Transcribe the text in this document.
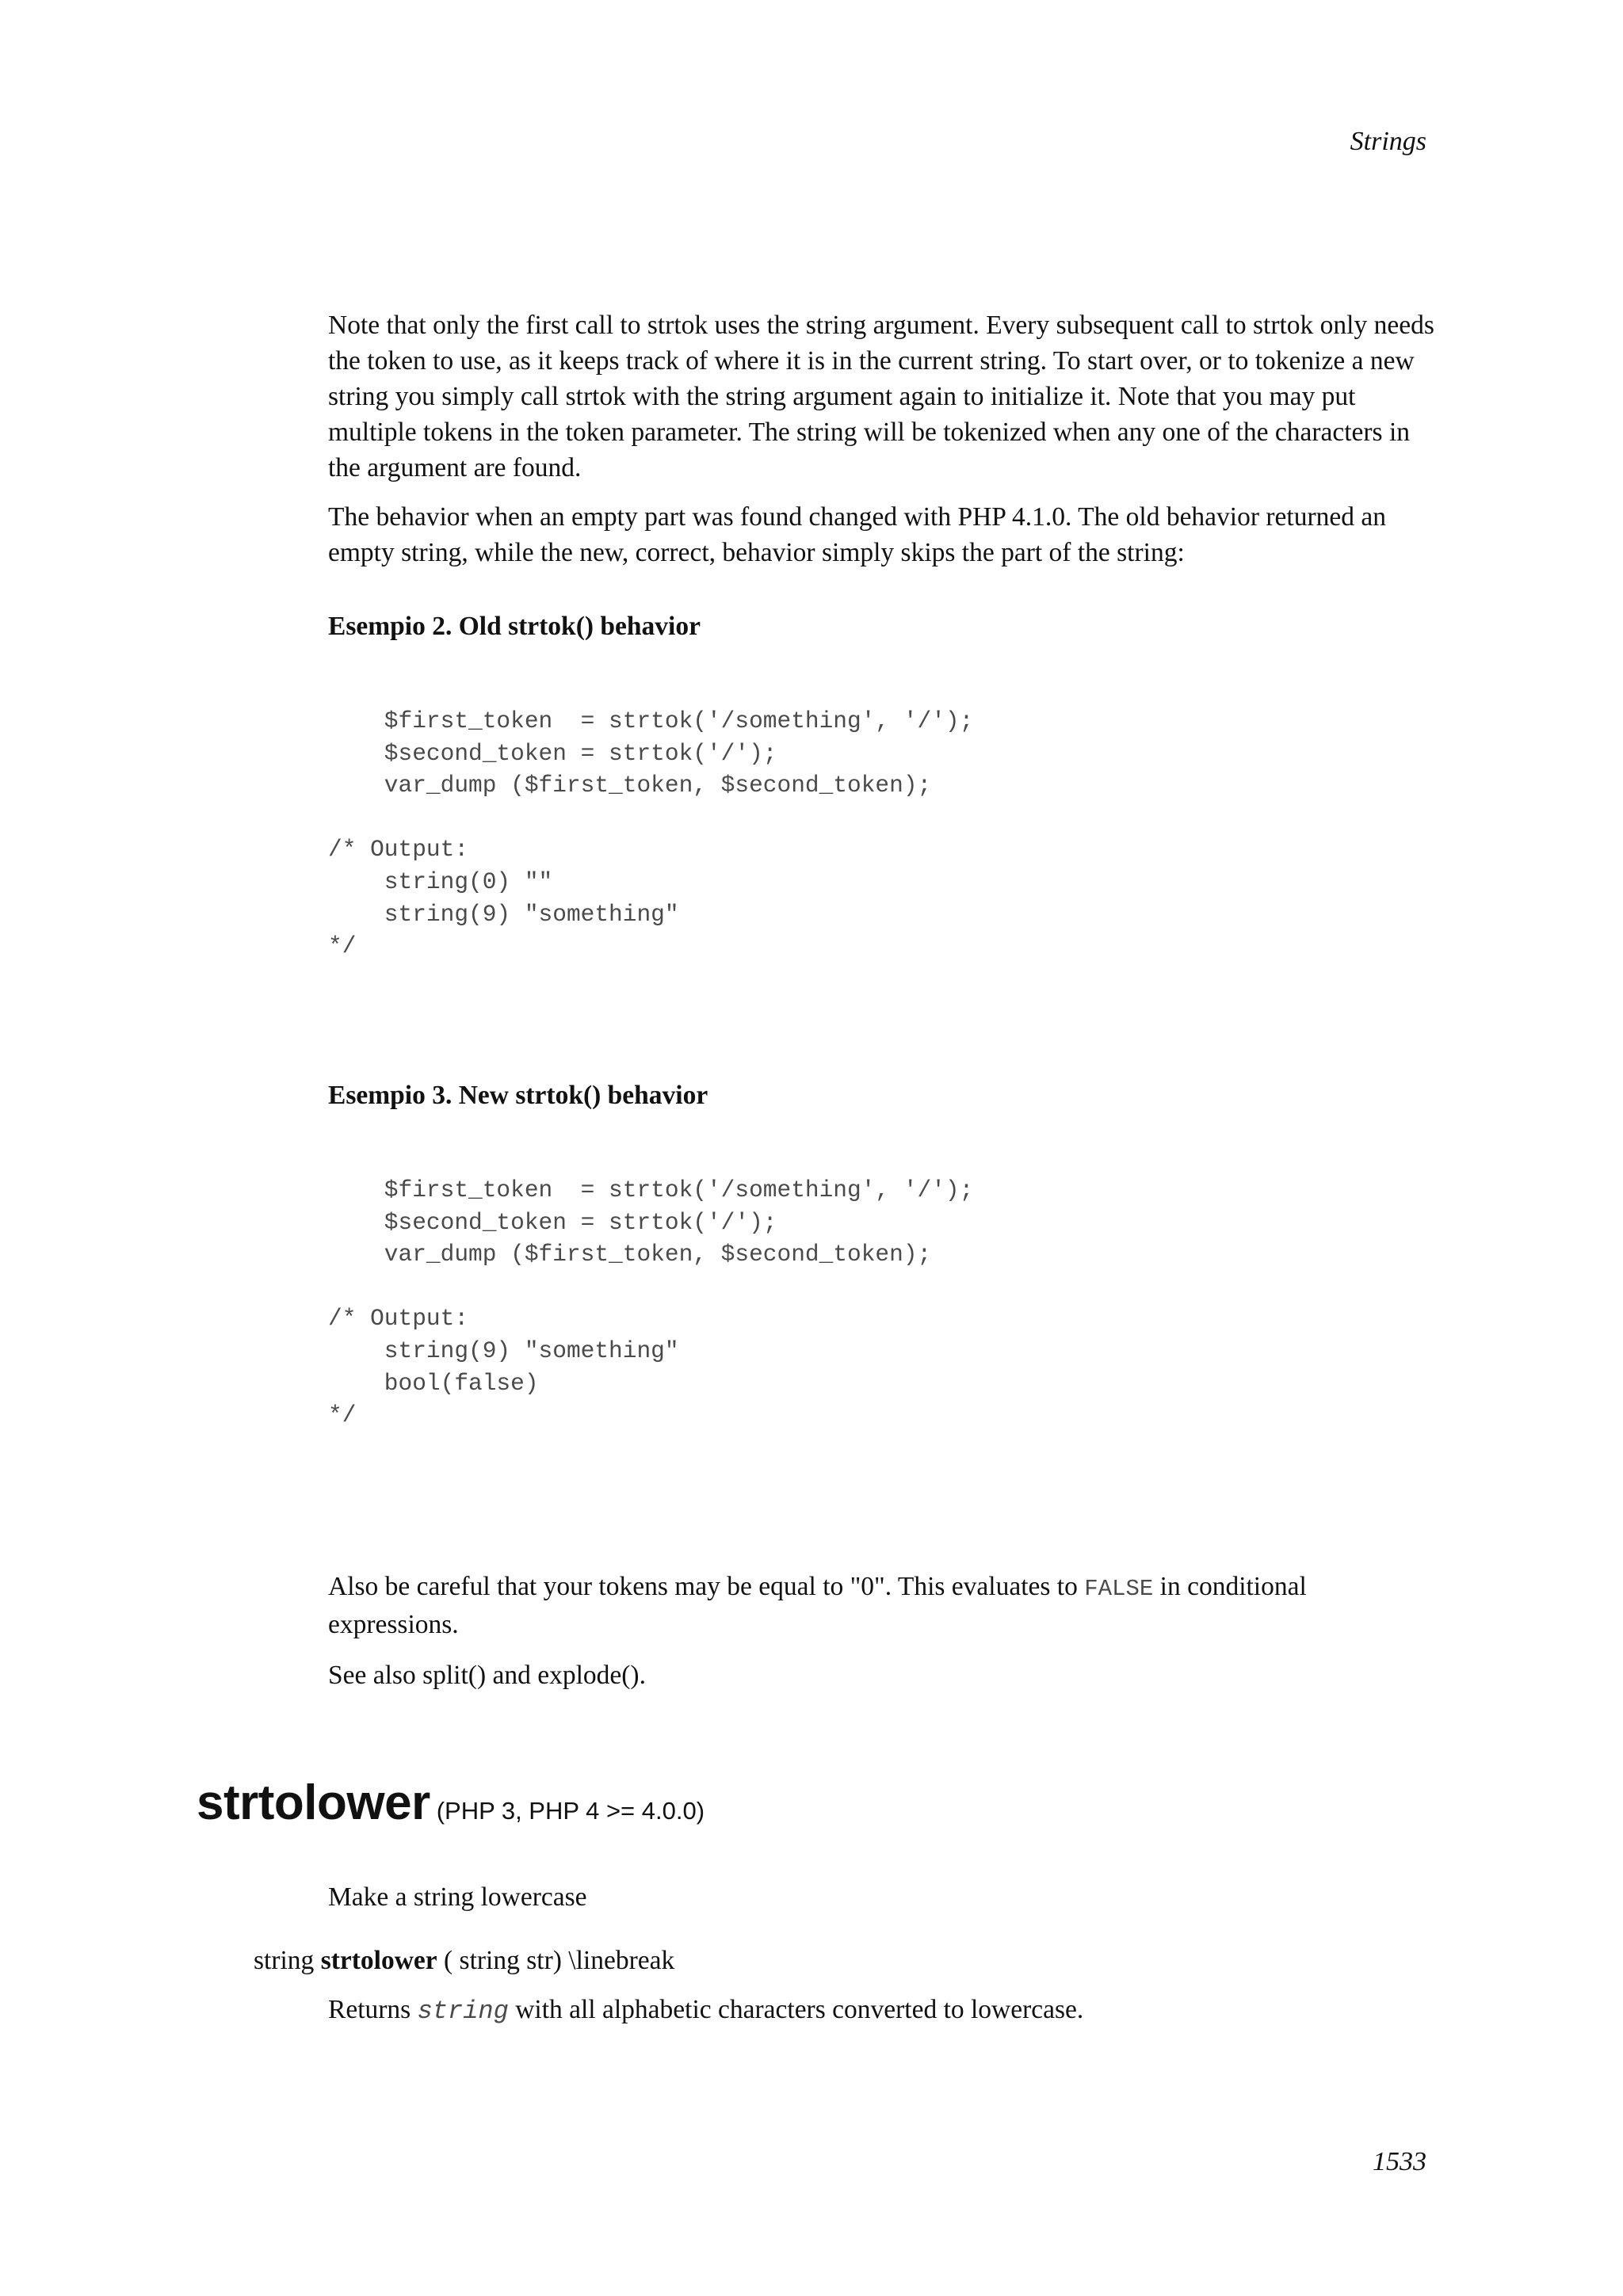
Strings

Note that only the first call to strtok uses the string argument. Every subsequent call to strtok only needs the token to use, as it keeps track of where it is in the current string. To start over, or to tokenize a new string you simply call strtok with the string argument again to initialize it. Note that you may put multiple tokens in the token parameter. The string will be tokenized when any one of the characters in the argument are found.

The behavior when an empty part was found changed with PHP 4.1.0. The old behavior returned an empty string, while the new, correct, behavior simply skips the part of the string:

Esempio 2. Old strtok() behavior
$first_token  = strtok('/something', '/');
$second_token = strtok('/');
var_dump ($first_token, $second_token);

/* Output:
string(0) ""
string(9) "something"
*/
Esempio 3. New strtok() behavior
$first_token  = strtok('/something', '/');
$second_token = strtok('/');
var_dump ($first_token, $second_token);

/* Output:
string(9) "something"
bool(false)
*/

Also be careful that your tokens may be equal to "0". This evaluates to FALSE in conditional expressions.

See also split() and explode().

strtolower (PHP 3, PHP 4 >= 4.0.0)
Make a string lowercase
string strtolower ( string str) \linebreak
Returns string with all alphabetic characters converted to lowercase.
1533
